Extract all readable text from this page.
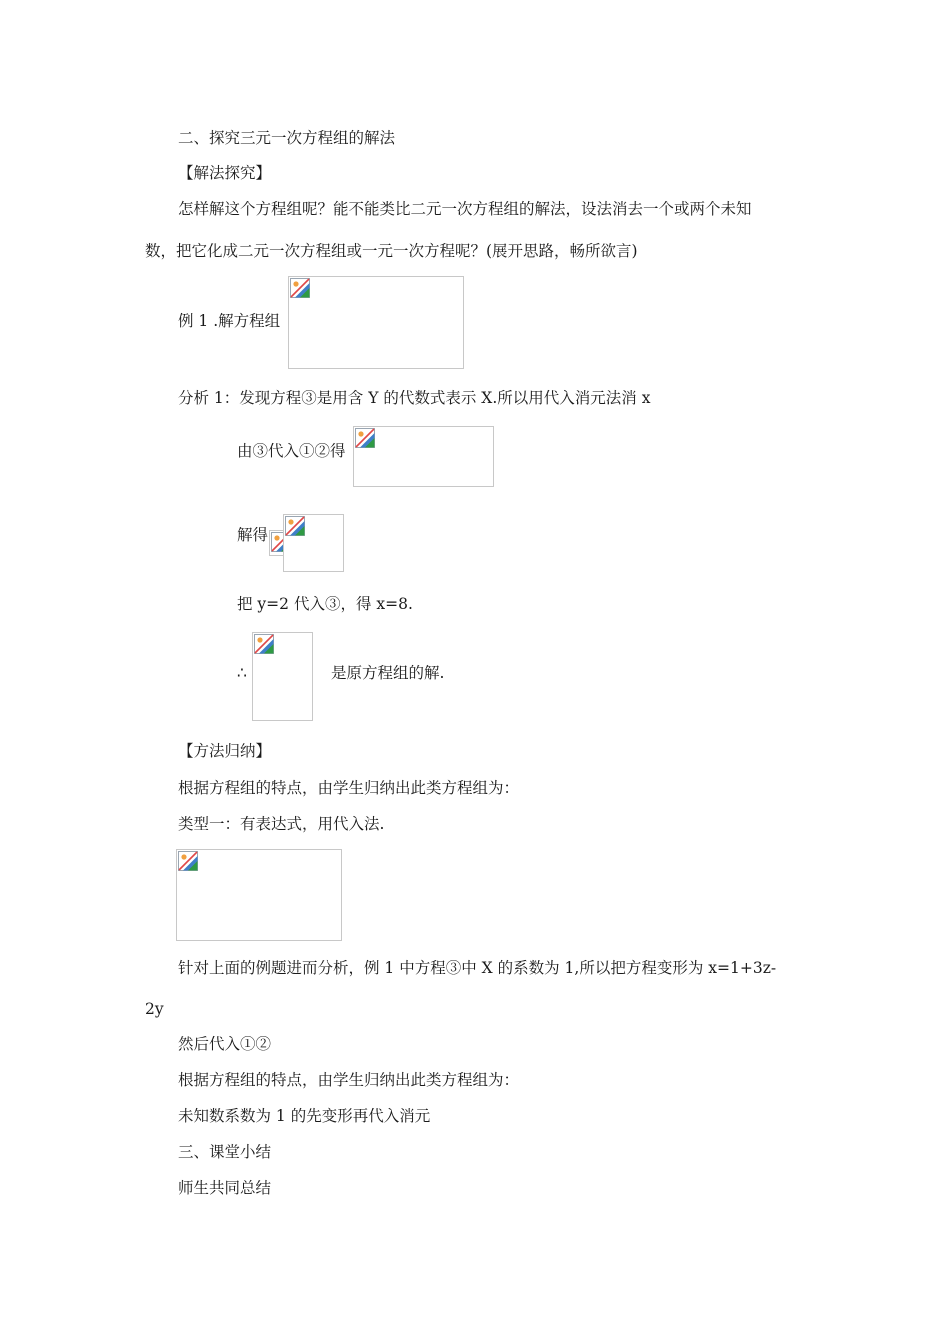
二、探究三元一次方程组的解法
【解法探究】
怎样解这个方程组呢？能不能类比二元一次方程组的解法，设法消去一个或两个未知
数，把它化成二元一次方程组或一元一次方程呢？(展开思路，畅所欲言)
例 1 .解方程组
分析 1：发现方程③是用含 Y 的代数式表示 X.所以用代入消元法消 x
由③代入①②得
解得
把 y=2 代入③，得 x=8.
∴	是原方程组的解.
【方法归纳】
根据方程组的特点，由学生归纳出此类方程组为：
类型一：有表达式，用代入法.
针对上面的例题进而分析，例 1 中方程③中 X 的系数为 1,所以把方程变形为 x=1+3z-
2y
然后代入①②
根据方程组的特点，由学生归纳出此类方程组为：
未知数系数为 1 的先变形再代入消元
三、课堂小结
师生共同总结
